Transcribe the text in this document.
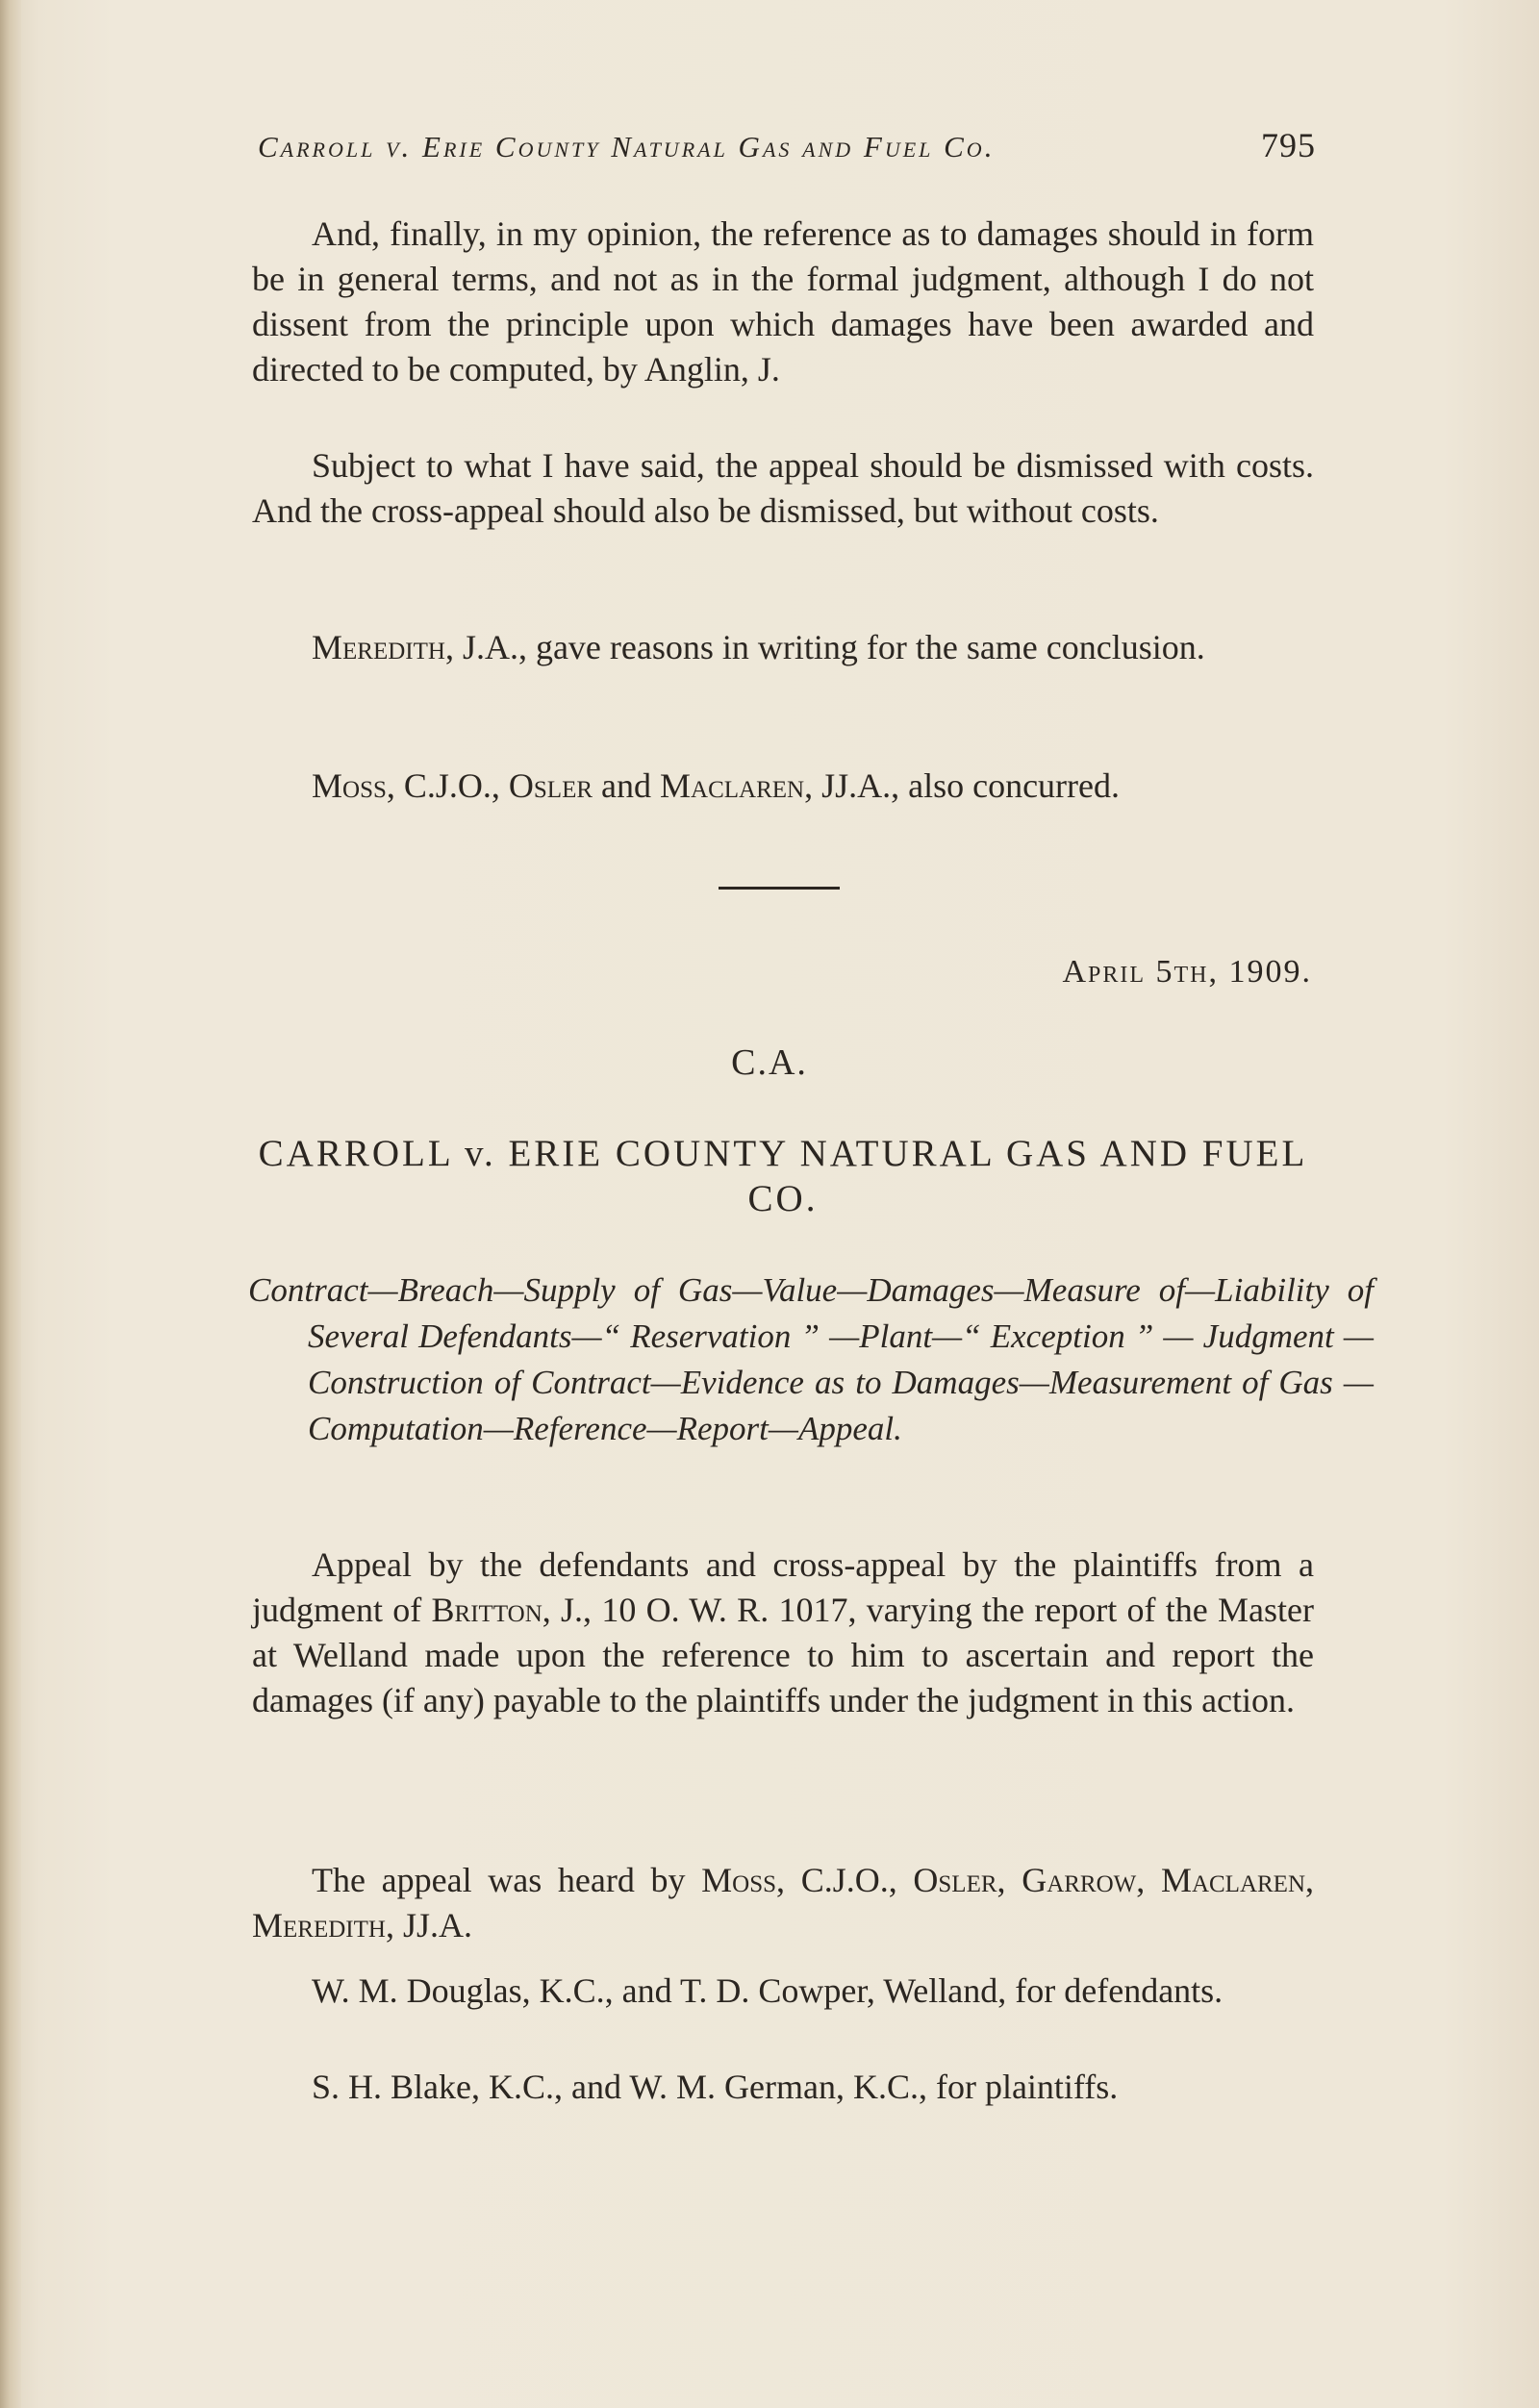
Carroll v. Erie County Natural Gas and Fuel Co.	795

And, finally, in my opinion, the reference as to damages should in form be in general terms, and not as in the formal judgment, although I do not dissent from the principle upon which damages have been awarded and directed to be computed, by Anglin, J.

Subject to what I have said, the appeal should be dismissed with costs. And the cross-appeal should also be dismissed, but without costs.

Meredith, J.A., gave reasons in writing for the same conclusion.

Moss, C.J.O., Osler and Maclaren, JJ.A., also concurred.

April 5th, 1909.
C.A.

CARROLL v. ERIE COUNTY NATURAL GAS AND FUEL CO.

Contract—Breach—Supply of Gas—Value—Damages—Measure of—Liability of Several Defendants—“ Reservation ” —Plant—“ Exception ” — Judgment — Construction of Contract—Evidence as to Damages—Measurement of Gas —Computation—Reference—Report—Appeal.

Appeal by the defendants and cross-appeal by the plaintiffs from a judgment of Britton, J., 10 O. W. R. 1017, varying the report of the Master at Welland made upon the reference to him to ascertain and report the damages (if any) payable to the plaintiffs under the judgment in this action.

The appeal was heard by Moss, C.J.O., Osler, Garrow, Maclaren, Meredith, JJ.A.

W. M. Douglas, K.C., and T. D. Cowper, Welland, for defendants.

S. H. Blake, K.C., and W. M. German, K.C., for plaintiffs.
